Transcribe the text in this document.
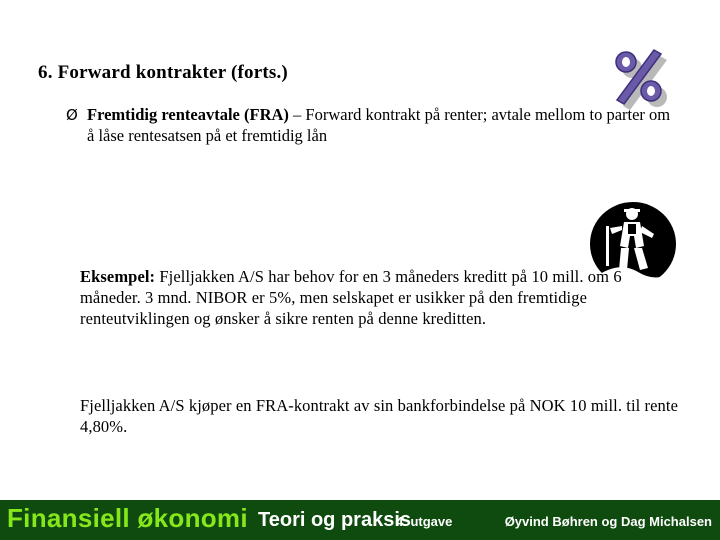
6. Forward kontrakter (forts.)
Ø Fremtidig renteavtale (FRA) – Forward kontrakt på renter; avtale mellom to parter om å låse rentesatsen på et fremtidig lån
Eksempel: Fjelljakken A/S har behov for en 3 måneders kreditt på 10 mill. om 6 måneder. 3 mnd. NIBOR er 5%, men selskapet er usikker på den fremtidige renteutviklingen og ønsker å sikre renten på denne kreditten.
Fjelljakken A/S kjøper en FRA-kontrakt av sin bankforbindelse på NOK 10 mill. til rente 4,80%.
Finansiell økonomi Teori og praksis
4. utgave	Øyvind Bøhren og Dag Michalsen
